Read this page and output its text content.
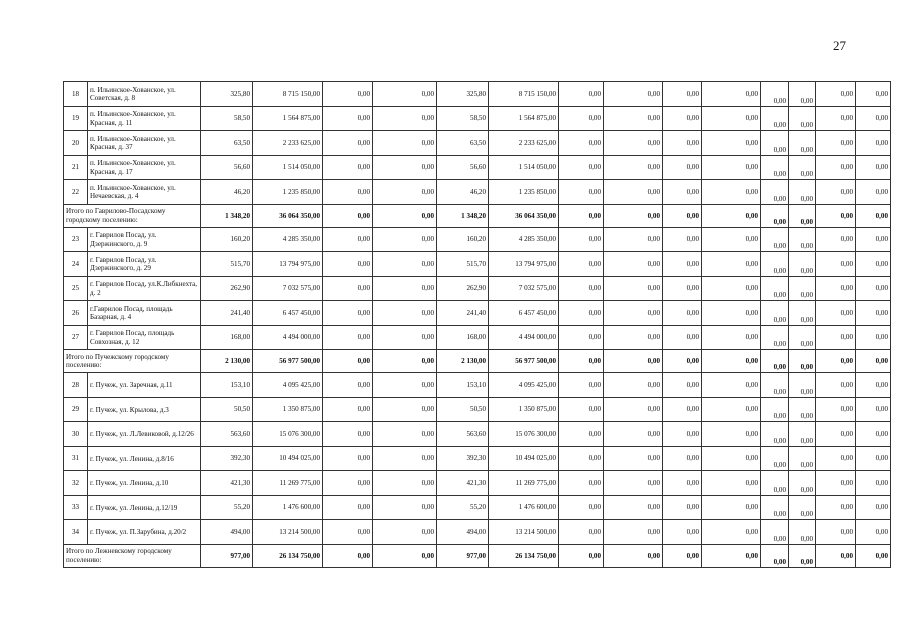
27
18	п. Ильинское-Хованское, ул. Советская, д. 8	325,80	8 715 150,00	0,00	0,00	325,80	8 715 150,00	0,00	0,00	0,00	0,00	0,00	0,00	0,00	0,00
19	п. Ильинское-Хованское, ул. Красная, д. 11	58,50	1 564 875,00	0,00	0,00	58,50	1 564 875,00	0,00	0,00	0,00	0,00	0,00	0,00	0,00	0,00
20	п. Ильинское-Хованское, ул. Красная, д. 37	63,50	2 233 625,00	0,00	0,00	63,50	2 233 625,00	0,00	0,00	0,00	0,00	0,00	0,00	0,00	0,00
21	п. Ильинское-Хованское, ул. Красная, д. 17	56,60	1 514 050,00	0,00	0,00	56,60	1 514 050,00	0,00	0,00	0,00	0,00	0,00	0,00	0,00	0,00
22	п. Ильинское-Хованское, ул. Нечаевская, д. 4	46,20	1 235 850,00	0,00	0,00	46,20	1 235 850,00	0,00	0,00	0,00	0,00	0,00	0,00	0,00	0,00
Итого по Гаврилово-Посадскому городскому поселению:		1 348,20	36 064 350,00	0,00	0,00	1 348,20	36 064 350,00	0,00	0,00	0,00	0,00	0,00	0,00	0,00	0,00
23	г. Гаврилов Посад, ул. Дзержинского, д. 9	160,20	4 285 350,00	0,00	0,00	160,20	4 285 350,00	0,00	0,00	0,00	0,00	0,00	0,00	0,00	0,00
24	г. Гаврилов Посад, ул. Дзержинского, д. 29	515,70	13 794 975,00	0,00	0,00	515,70	13 794 975,00	0,00	0,00	0,00	0,00	0,00	0,00	0,00	0,00
25	г. Гаврилов Посад, ул.К.Либкнехта, д. 2	262,90	7 032 575,00	0,00	0,00	262,90	7 032 575,00	0,00	0,00	0,00	0,00	0,00	0,00	0,00	0,00
26	г.Гаврилов Посад, площадь Базарная, д. 4	241,40	6 457 450,00	0,00	0,00	241,40	6 457 450,00	0,00	0,00	0,00	0,00	0,00	0,00	0,00	0,00
27	г. Гаврилов Посад, площадь Совхозная, д. 12	168,00	4 494 000,00	0,00	0,00	168,00	4 494 000,00	0,00	0,00	0,00	0,00	0,00	0,00	0,00	0,00
Итого по Пучежскому городскому поселению:		2 130,00	56 977 500,00	0,00	0,00	2 130,00	56 977 500,00	0,00	0,00	0,00	0,00	0,00	0,00	0,00	0,00
28	г. Пучеж, ул. Заречная, д.11	153,10	4 095 425,00	0,00	0,00	153,10	4 095 425,00	0,00	0,00	0,00	0,00	0,00	0,00	0,00	0,00
29	г. Пучеж, ул. Крылова, д.3	50,50	1 350 875,00	0,00	0,00	50,50	1 350 875,00	0,00	0,00	0,00	0,00	0,00	0,00	0,00	0,00
30	г. Пучеж, ул. Л.Левиковой, д.12/26	563,60	15 076 300,00	0,00	0,00	563,60	15 076 300,00	0,00	0,00	0,00	0,00	0,00	0,00	0,00	0,00
31	г. Пучеж, ул. Ленина, д.8/16	392,30	10 494 025,00	0,00	0,00	392,30	10 494 025,00	0,00	0,00	0,00	0,00	0,00	0,00	0,00	0,00
32	г. Пучеж, ул. Ленина, д.10	421,30	11 269 775,00	0,00	0,00	421,30	11 269 775,00	0,00	0,00	0,00	0,00	0,00	0,00	0,00	0,00
33	г. Пучеж, ул. Ленина, д.12/19	55,20	1 476 600,00	0,00	0,00	55,20	1 476 600,00	0,00	0,00	0,00	0,00	0,00	0,00	0,00	0,00
34	г. Пучеж, ул. П.Зарубина, д.20/2	494,00	13 214 500,00	0,00	0,00	494,00	13 214 500,00	0,00	0,00	0,00	0,00	0,00	0,00	0,00	0,00
Итого по Лежневскому городскому поселению:		977,00	26 134 750,00	0,00	0,00	977,00	26 134 750,00	0,00	0,00	0,00	0,00	0,00	0,00	0,00	0,00
